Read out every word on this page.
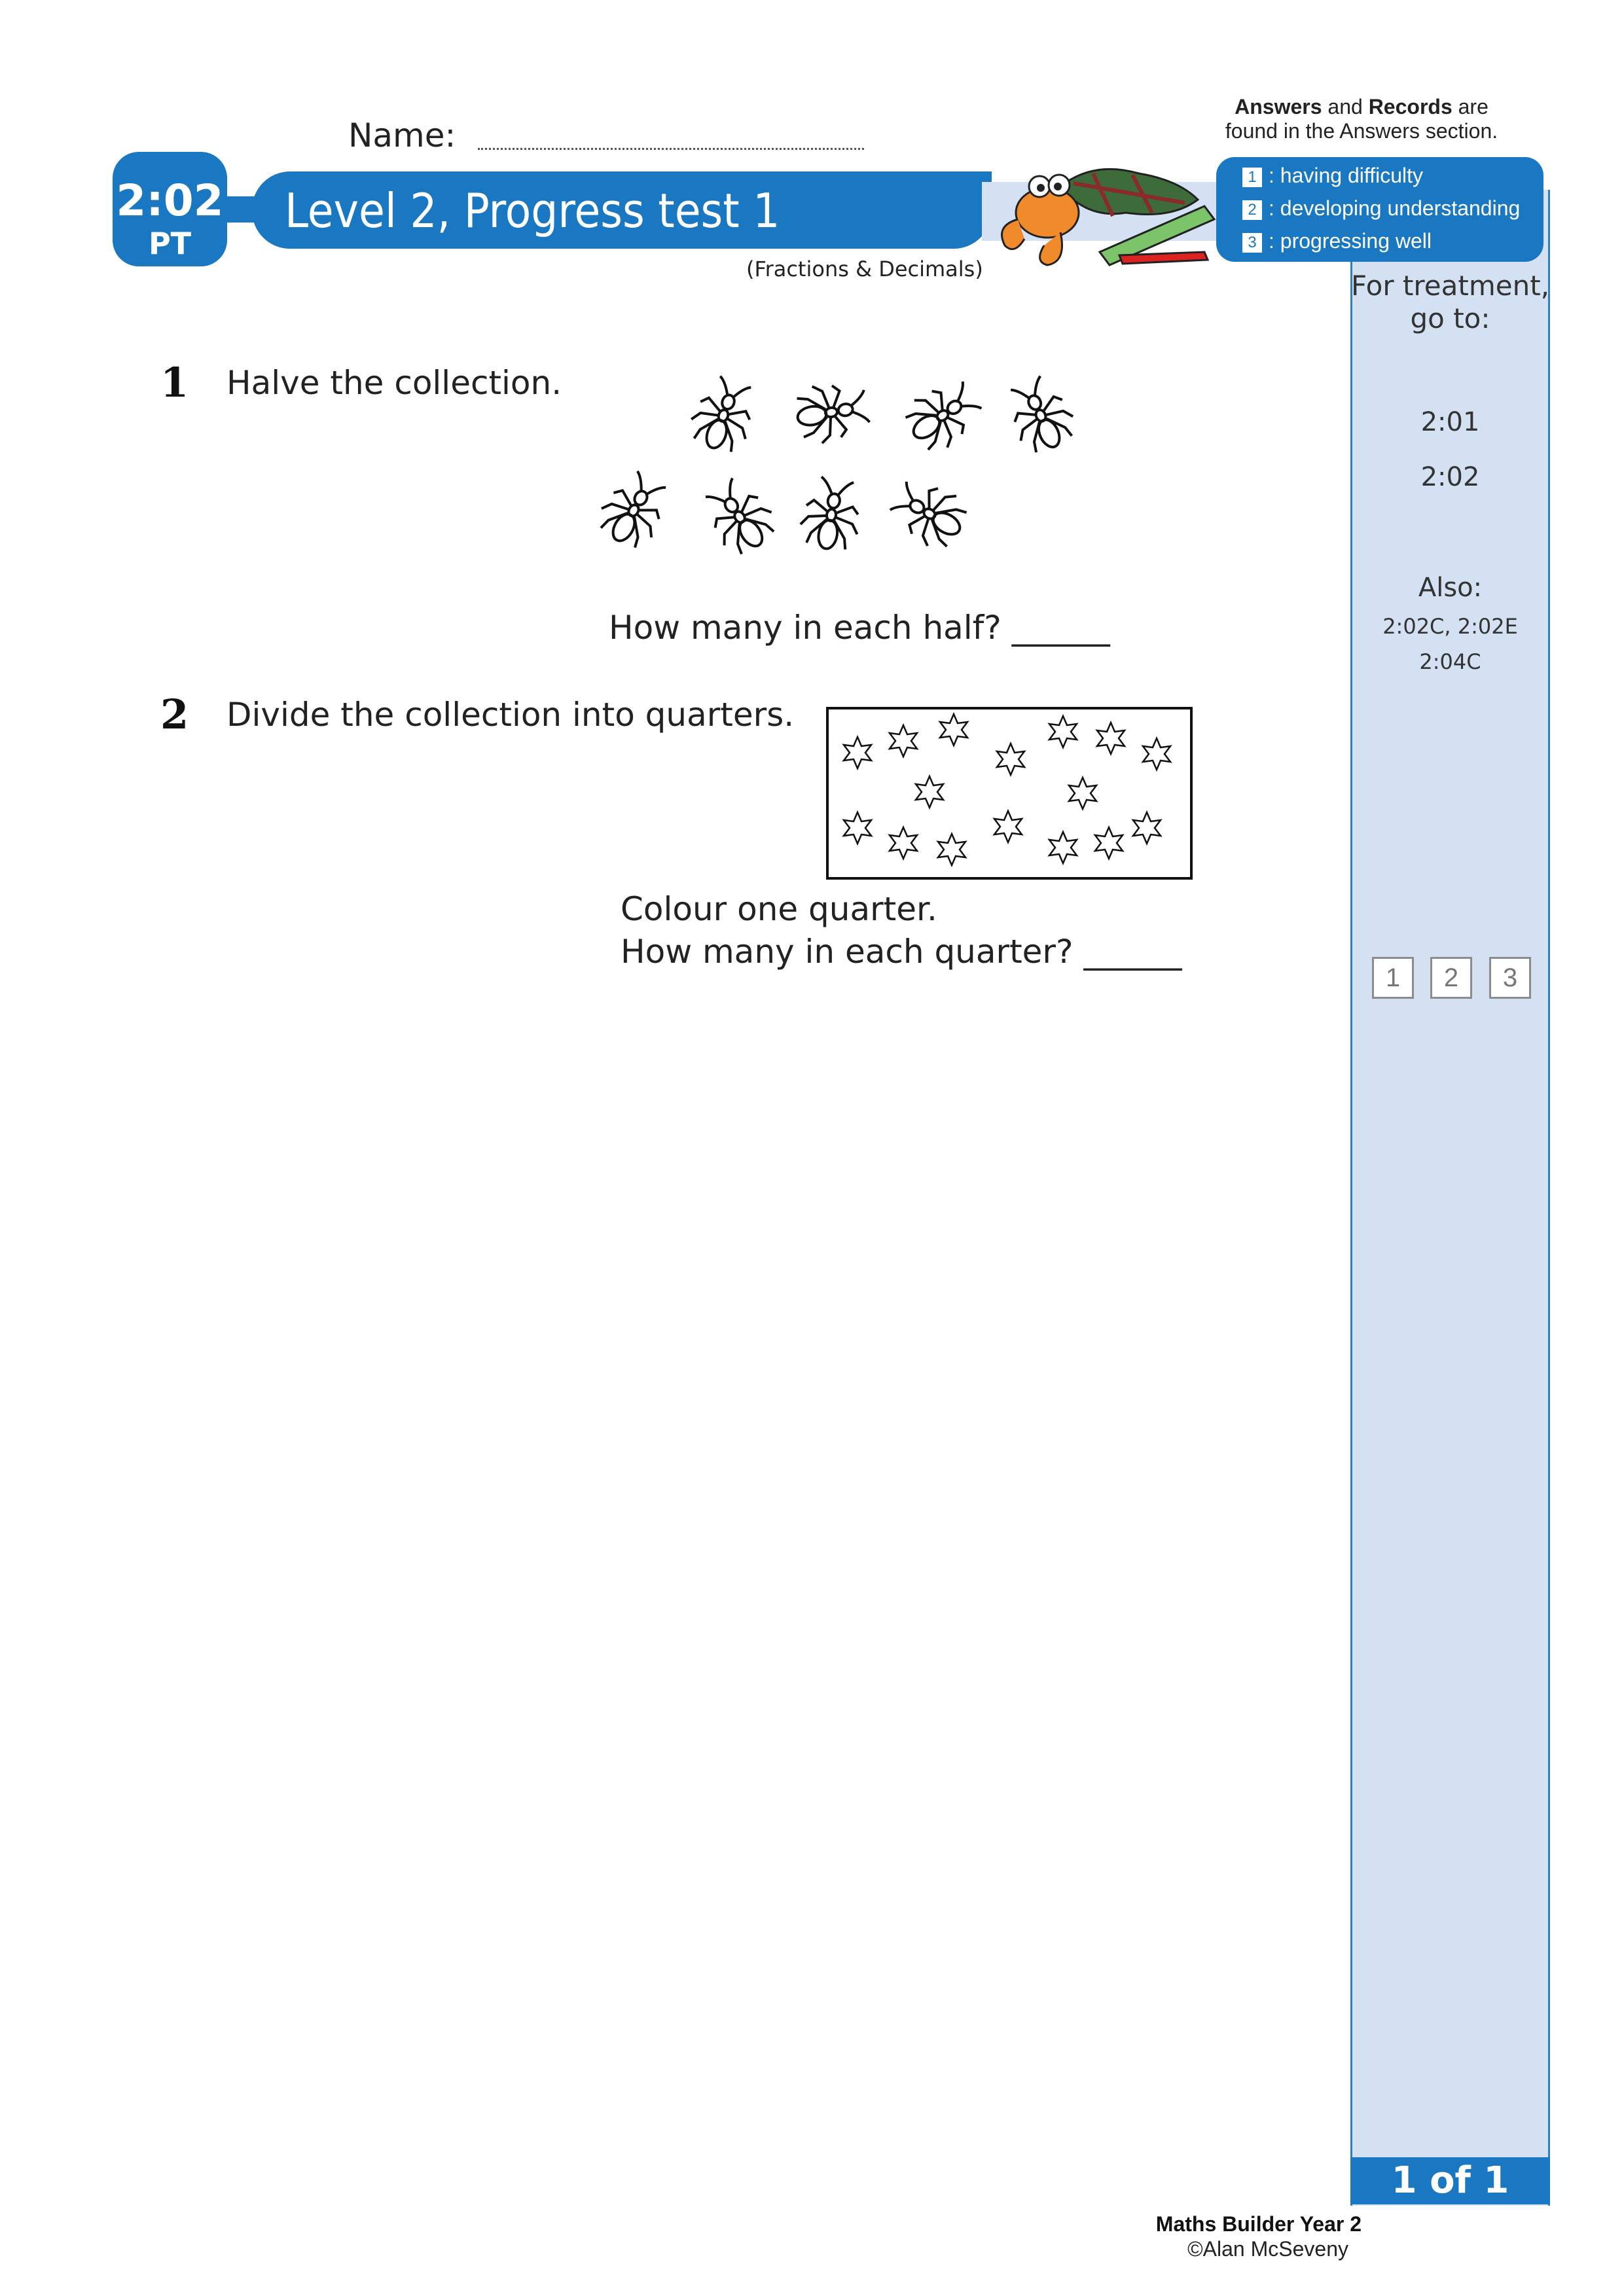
Name:
Answers and Records are
found in the Answers section.
2:02
PT
Level 2, Progress test 1
(Fractions & Decimals)
1 : having difficulty
2 : developing understanding
3 : progressing well
For treatment,
go to:
2:01
2:02
Also:
2:02C, 2:02E
2:04C
1	2	3
1 of 1
1 Halve the collection.
How many in each half? ______
2 Divide the collection into quarters.
Colour one quarter.
How many in each quarter? ______
Maths Builder Year 2
©Alan McSeveny
